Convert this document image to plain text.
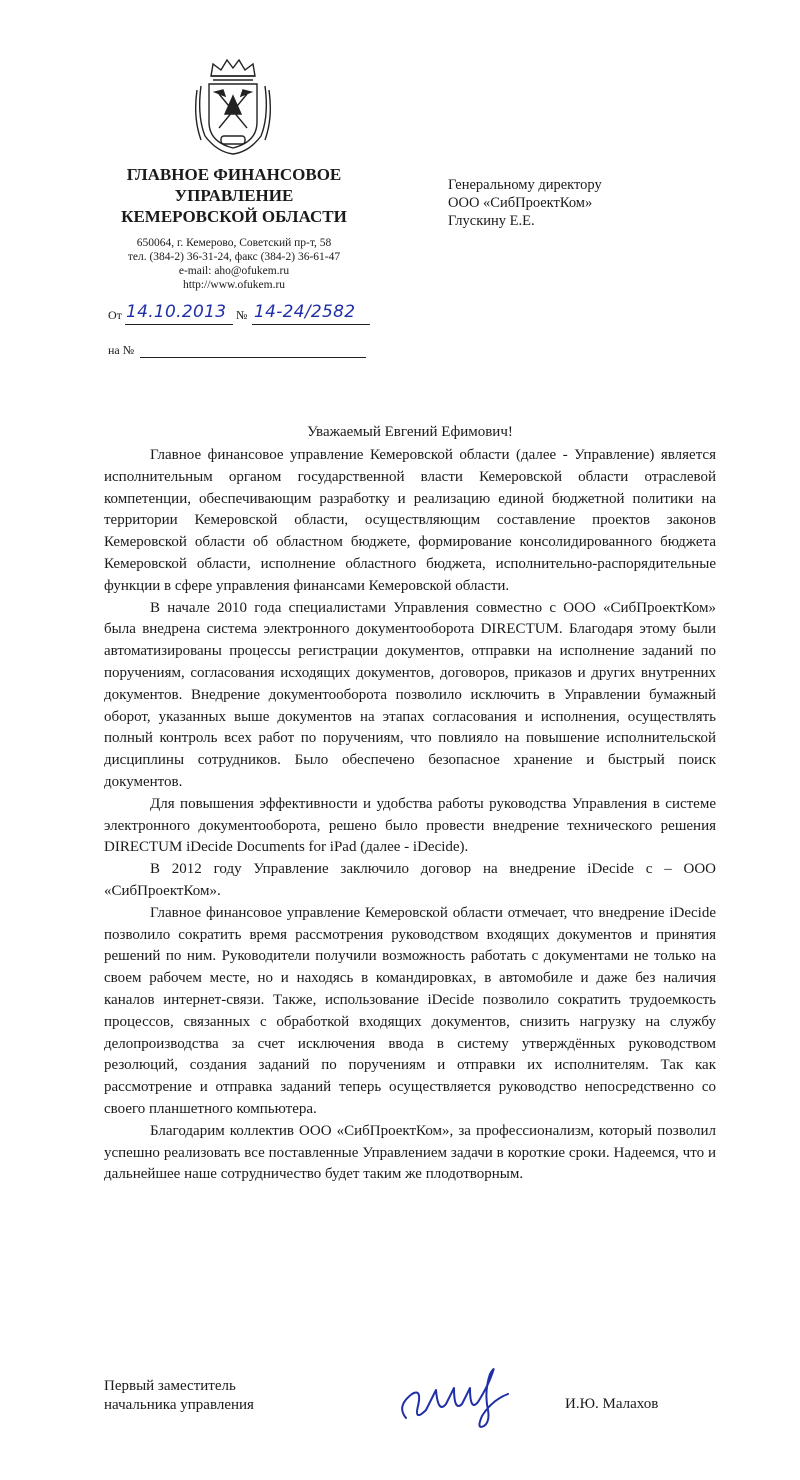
ГЛАВНОЕ ФИНАНСОВОЕ
УПРАВЛЕНИЕ
КЕМЕРОВСКОЙ ОБЛАСТИ
650064, г. Кемерово, Советский пр-т, 58
тел. (384-2) 36-31-24, факс (384-2) 36-61-47
e-mail: aho@ofukem.ru
http://www.ofukem.ru
От 14.10.2013 № 14-24/2582
на №
Генеральному директору
ООО «СибПроектКом»
Глускину Е.Е.
Уважаемый Евгений Ефимович!

Главное финансовое управление Кемеровской области (далее - Управление) является исполнительным органом государственной власти Кемеровской области отраслевой компетенции, обеспечивающим разработку и реализацию единой бюджетной политики на территории Кемеровской области, осуществляющим составление проектов законов Кемеровской области об областном бюджете, формирование консолидированного бюджета Кемеровской области, исполнение областного бюджета, исполнительно-распорядительные функции в сфере управления финансами Кемеровской области.

В начале 2010 года специалистами Управления совместно с ООО «СибПроектКом» была внедрена система электронного документооборота DIRECTUM. Благодаря этому были автоматизированы процессы регистрации документов, отправки на исполнение заданий по поручениям, согласования исходящих документов, договоров, приказов и других внутренних документов. Внедрение документооборота позволило исключить в Управлении бумажный оборот, указанных выше документов на этапах согласования и исполнения, осуществлять полный контроль всех работ по поручениям, что повлияло на повышение исполнительской дисциплины сотрудников. Было обеспечено безопасное хранение и быстрый поиск документов.

Для повышения эффективности и удобства работы руководства Управления в системе электронного документооборота, решено было провести внедрение технического решения DIRECTUM iDecide Documents for iPad (далее - iDecide).

В 2012 году Управление заключило договор на внедрение iDecide с – ООО «СибПроектКом».

Главное финансовое управление Кемеровской области отмечает, что внедрение iDecide позволило сократить время рассмотрения руководством входящих документов и принятия решений по ним. Руководители получили возможность работать с документами не только на своем рабочем месте, но и находясь в командировках, в автомобиле и даже без наличия каналов интернет-связи. Также, использование iDecide позволило сократить трудоемкость процессов, связанных с обработкой входящих документов, снизить нагрузку на службу делопроизводства за счет исключения ввода в систему утверждённых руководством резолюций, создания заданий по поручениям и отправки их исполнителям. Так как рассмотрение и отправка заданий теперь осуществляется руководство непосредственно со своего планшетного компьютера.

Благодарим коллектив ООО «СибПроектКом», за профессионализм, который позволил успешно реализовать все поставленные Управлением задачи в короткие сроки. Надеемся, что и дальнейшее наше сотрудничество будет таким же плодотворным.

Первый заместитель
начальника управления	И.Ю. Малахов
